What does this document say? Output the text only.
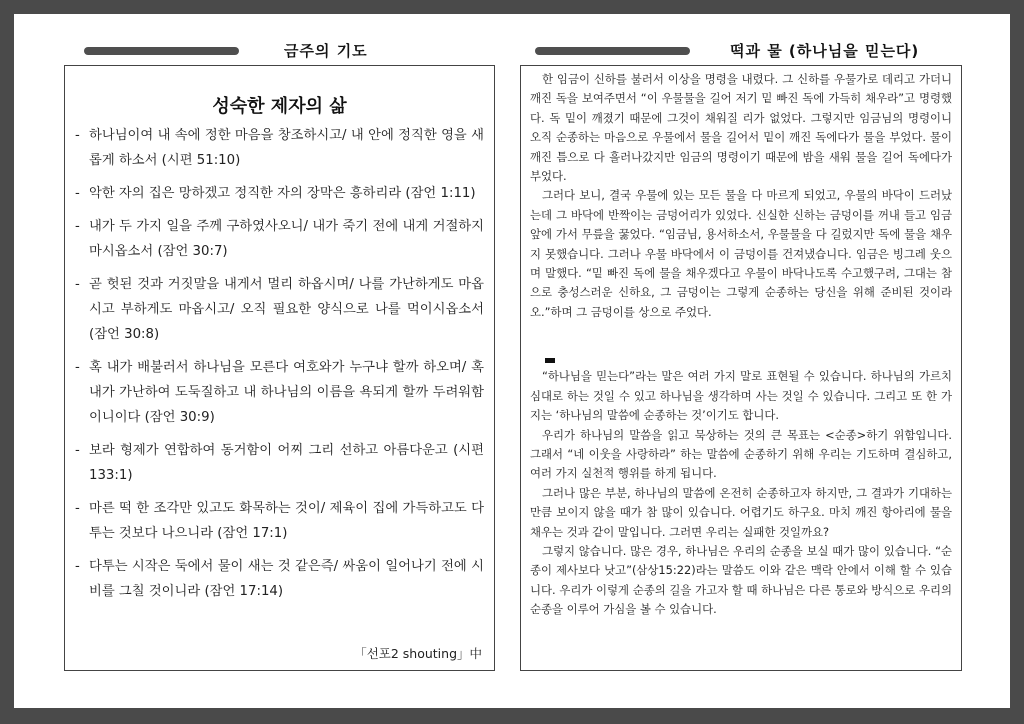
금주의 기도	떡과 물 (하나님을 믿는다)
성숙한 제자의 삶

- 하나님이여 내 속에 정한 마음을 창조하시고/ 내 안에 정직한 영을 새롭게 하소서 (시편 51:10)

- 악한 자의 집은 망하겠고 정직한 자의 장막은 흥하리라 (잠언 1:11)

- 내가 두 가지 일을 주께 구하였사오니/ 내가 죽기 전에 내게 거절하지 마시옵소서 (잠언 30:7)

- 곧 헛된 것과 거짓말을 내게서 멀리 하옵시며/ 나를 가난하게도 마옵시고 부하게도 마옵시고/ 오직 필요한 양식으로 나를 먹이시옵소서 (잠언 30:8)

- 혹 내가 배불러서 하나님을 모른다 여호와가 누구냐 할까 하오며/ 혹 내가 가난하여 도둑질하고 내 하나님의 이름을 욕되게 할까 두려워함이니이다 (잠언 30:9)

- 보라 형제가 연합하여 동거함이 어찌 그리 선하고 아름다운고 (시편 133:1)

- 마른 떡 한 조각만 있고도 화목하는 것이/ 제육이 집에 가득하고도 다투는 것보다 나으니라 (잠언 17:1)

- 다투는 시작은 둑에서 물이 새는 것 같은즉/ 싸움이 일어나기 전에 시비를 그칠 것이니라 (잠언 17:14)

「선포2 shouting」中

한 임금이 신하를 불러서 이상을 명령을 내렸다. 그 신하를 우물가로 데리고 가더니 깨진 독을 보여주면서 “이 우물물을 길어 저기 밑 빠진 독에 가득히 채우라”고 명령했다. 독 밑이 깨졌기 때문에 그것이 채워질 리가 없었다. 그렇지만 임금님의 명령이니 오직 순종하는 마음으로 우물에서 물을 길어서 밑이 깨진 독에다가 물을 부었다. 물이 깨진 틈으로 다 흘러나갔지만 임금의 명령이기 때문에 밤을 새워 물을 길어 독에다가 부었다.

그러다 보니, 결국 우물에 있는 모든 물을 다 마르게 되었고, 우물의 바닥이 드러났는데 그 바닥에 반짝이는 금덩어리가 있었다. 신실한 신하는 금덩이를 꺼내 들고 임금 앞에 가서 무릎을 꿇었다. “임금님, 용서하소서, 우물물을 다 길렀지만 독에 물을 채우지 못했습니다. 그러나 우물 바닥에서 이 금덩이를 건져냈습니다. 임금은 빙그레 웃으며 말했다. “밑 빠진 독에 물을 채우겠다고 우물이 바닥나도록 수고했구려, 그대는 참으로 충성스러운 신하요, 그 금덩이는 그렇게 순종하는 당신을 위해 준비된 것이라오.”하며 그 금덩이를 상으로 주었다.

“하나님을 믿는다”라는 말은 여러 가지 말로 표현될 수 있습니다. 하나님의 가르치심대로 하는 것일 수 있고 하나님을 생각하며 사는 것일 수 있습니다. 그리고 또 한 가지는 ‘하나님의 말씀에 순종하는 것’이기도 합니다.

우리가 하나님의 말씀을 읽고 묵상하는 것의 큰 목표는 <순종>하기 위함입니다. 그래서 “네 이웃을 사랑하라” 하는 말씀에 순종하기 위해 우리는 기도하며 결심하고, 여러 가지 실천적 행위를 하게 됩니다.

그러나 많은 부분, 하나님의 말씀에 온전히 순종하고자 하지만, 그 결과가 기대하는 만큼 보이지 않을 때가 참 많이 있습니다. 어렵기도 하구요. 마치 깨진 항아리에 물을 채우는 것과 같이 말입니다. 그러면 우리는 실패한 것일까요?

그렇지 않습니다. 많은 경우, 하나님은 우리의 순종을 보실 때가 많이 있습니다. “순종이 제사보다 낫고”(삼상15:22)라는 말씀도 이와 같은 맥락 안에서 이해 할 수 있습니다. 우리가 이렇게 순종의 길을 가고자 할 때 하나님은 다른 통로와 방식으로 우리의 순종을 이루어 가심을 볼 수 있습니다.
